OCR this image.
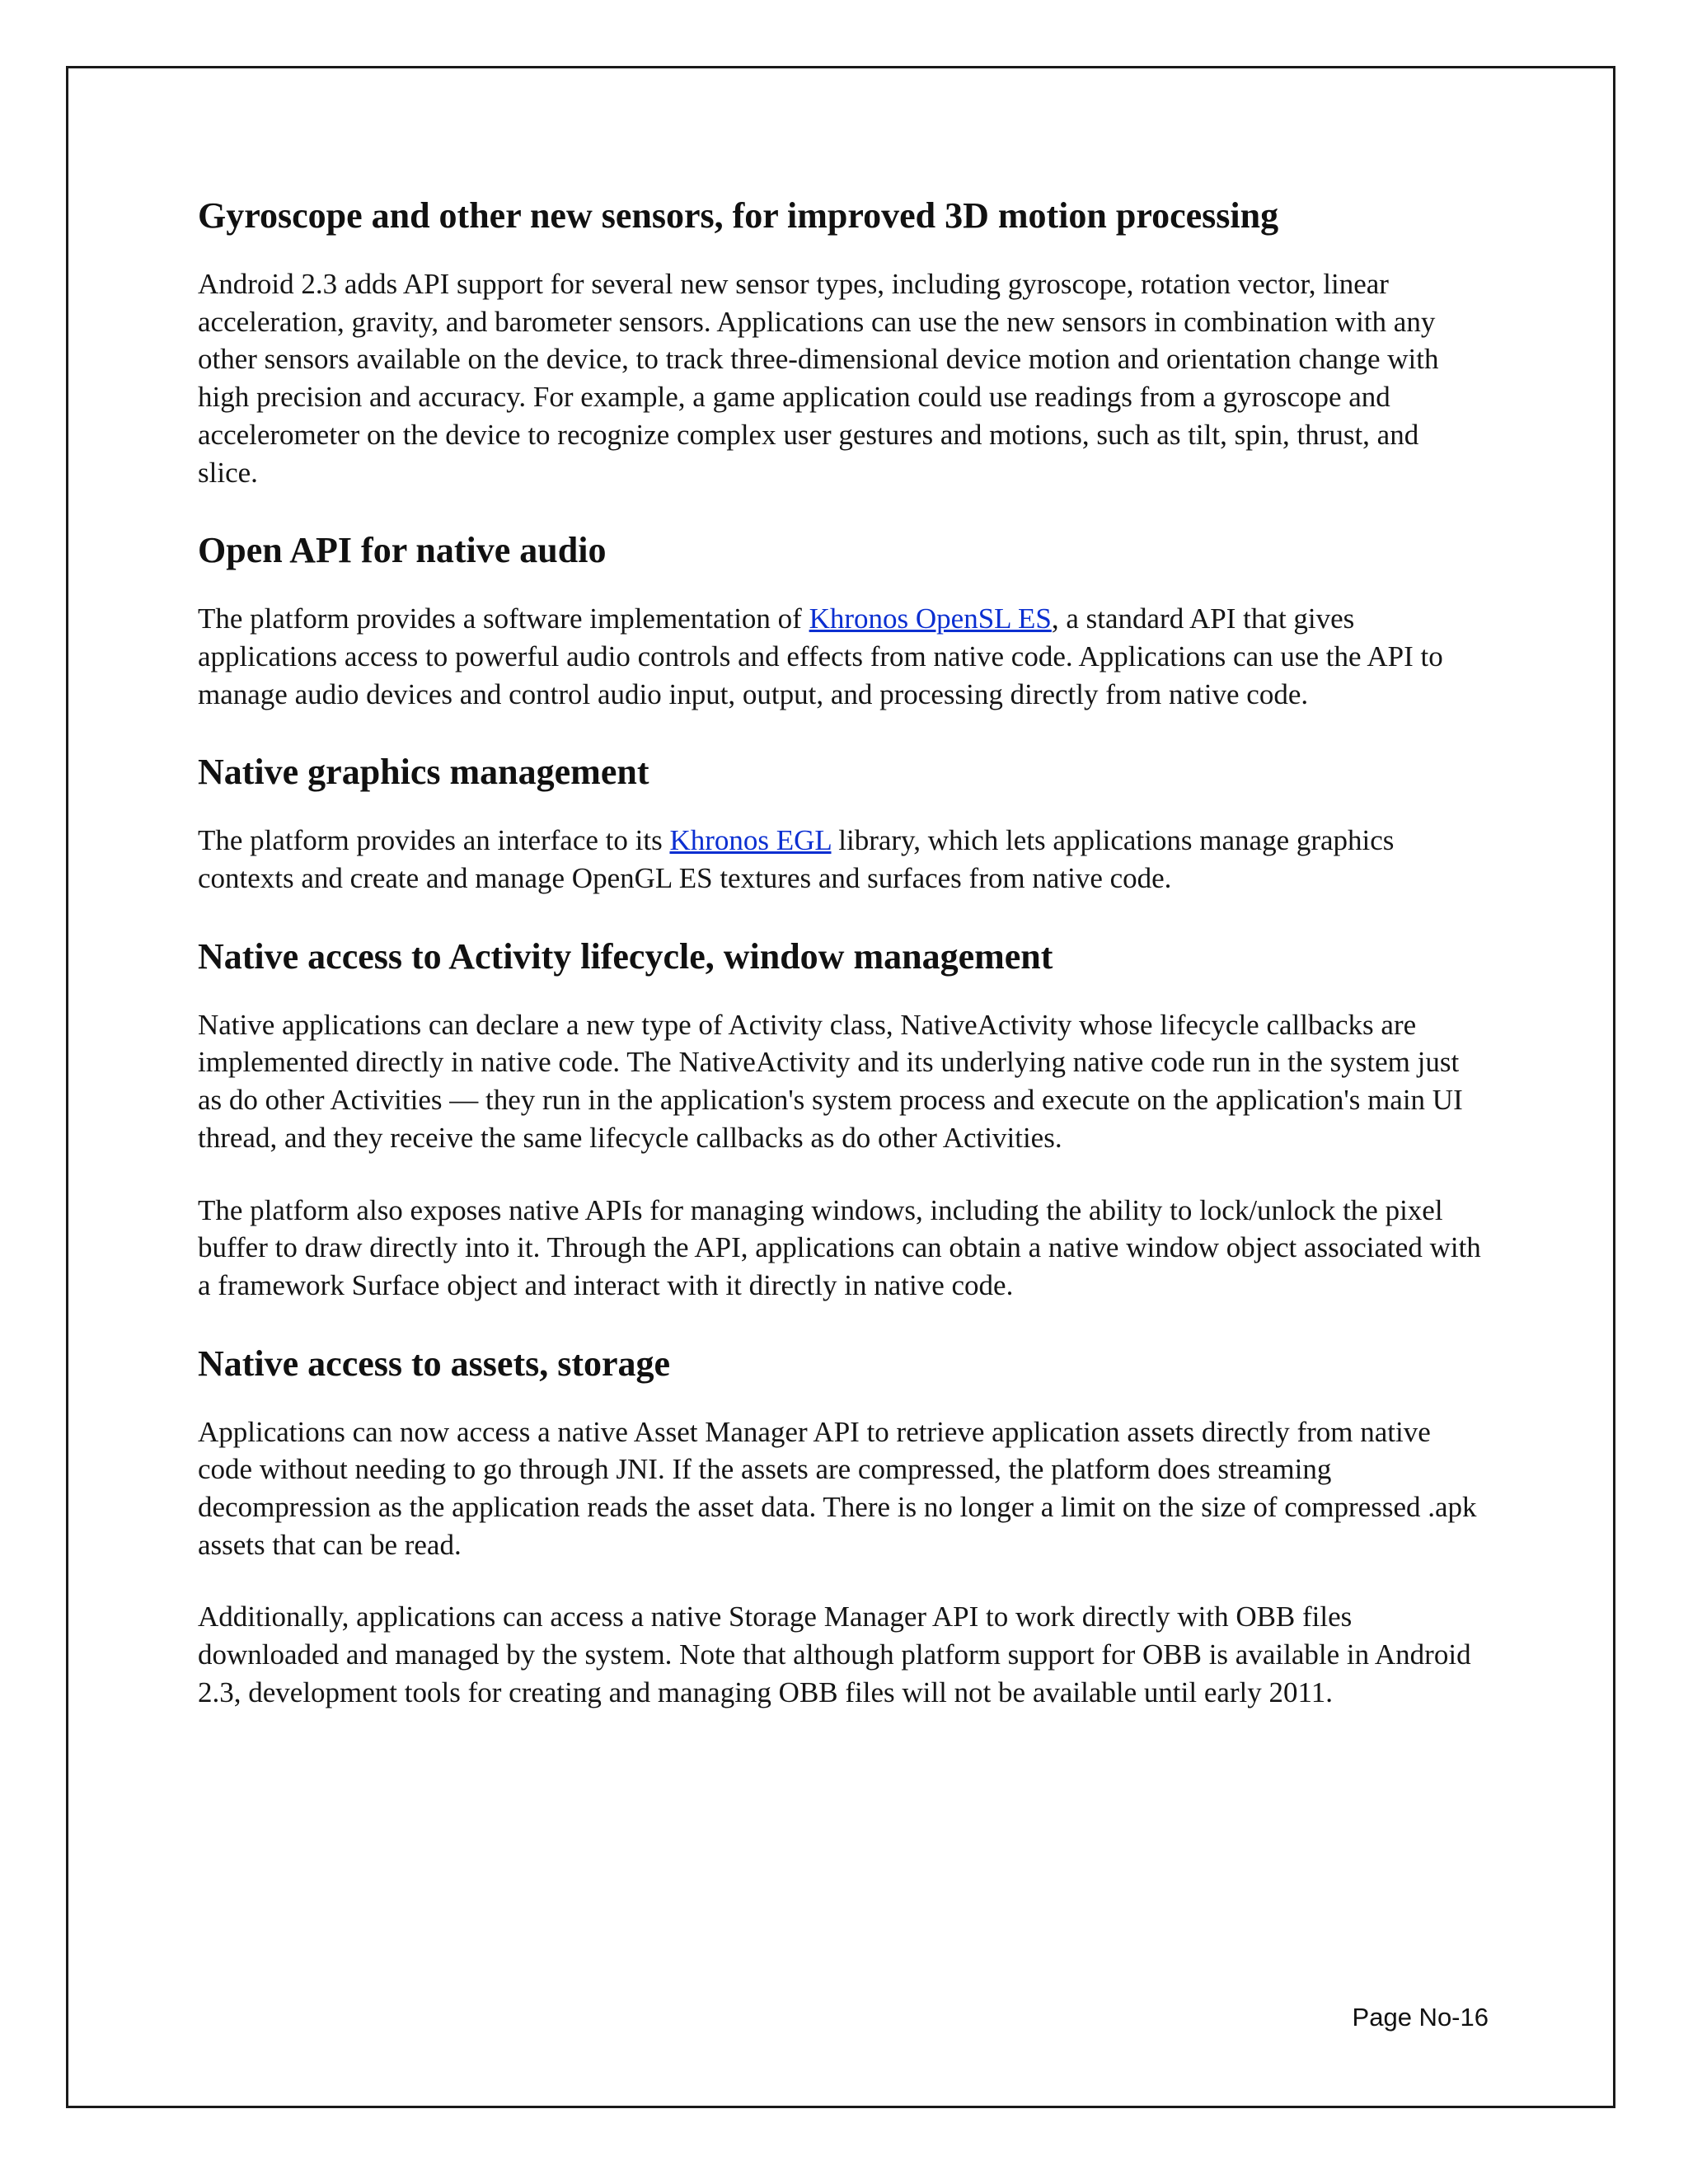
Gyroscope and other new sensors, for improved 3D motion processing

Android 2.3 adds API support for several new sensor types, including gyroscope, rotation vector, linear acceleration, gravity, and barometer sensors. Applications can use the new sensors in combination with any other sensors available on the device, to track three-dimensional device motion and orientation change with high precision and accuracy. For example, a game application could use readings from a gyroscope and accelerometer on the device to recognize complex user gestures and motions, such as tilt, spin, thrust, and slice.

Open API for native audio

The platform provides a software implementation of Khronos OpenSL ES, a standard API that gives applications access to powerful audio controls and effects from native code. Applications can use the API to manage audio devices and control audio input, output, and processing directly from native code.

Native graphics management

The platform provides an interface to its Khronos EGL library, which lets applications manage graphics contexts and create and manage OpenGL ES textures and surfaces from native code.

Native access to Activity lifecycle, window management

Native applications can declare a new type of Activity class, NativeActivity whose lifecycle callbacks are implemented directly in native code. The NativeActivity and its underlying native code run in the system just as do other Activities — they run in the application's system process and execute on the application's main UI thread, and they receive the same lifecycle callbacks as do other Activities.

The platform also exposes native APIs for managing windows, including the ability to lock/unlock the pixel buffer to draw directly into it. Through the API, applications can obtain a native window object associated with a framework Surface object and interact with it directly in native code.

Native access to assets, storage

Applications can now access a native Asset Manager API to retrieve application assets directly from native code without needing to go through JNI. If the assets are compressed, the platform does streaming decompression as the application reads the asset data. There is no longer a limit on the size of compressed .apk assets that can be read.

Additionally, applications can access a native Storage Manager API to work directly with OBB files downloaded and managed by the system. Note that although platform support for OBB is available in Android 2.3, development tools for creating and managing OBB files will not be available until early 2011.

Page No-16
